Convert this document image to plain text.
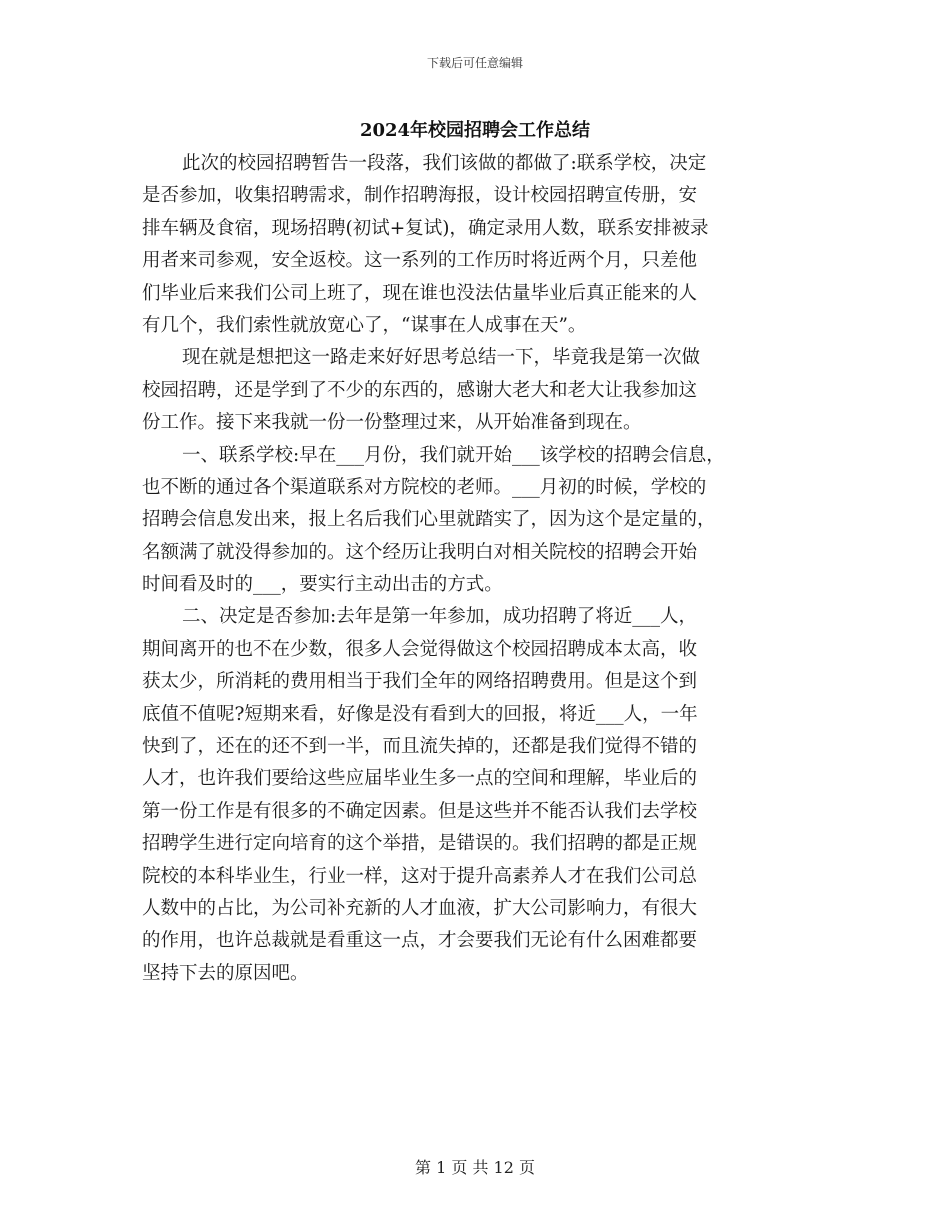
下载后可任意编辑
2024年校园招聘会工作总结
此次的校园招聘暂告一段落，我们该做的都做了:联系学校，决定
是否参加，收集招聘需求，制作招聘海报，设计校园招聘宣传册，安
排车辆及食宿，现场招聘(初试+复试)，确定录用人数，联系安排被录
用者来司参观，安全返校。这一系列的工作历时将近两个月，只差他
们毕业后来我们公司上班了，现在谁也没法估量毕业后真正能来的人
有几个，我们索性就放宽心了，“谋事在人成事在天”。
现在就是想把这一路走来好好思考总结一下，毕竟我是第一次做
校园招聘，还是学到了不少的东西的，感谢大老大和老大让我参加这
份工作。接下来我就一份一份整理过来，从开始准备到现在。
一、联系学校:早在___月份，我们就开始___该学校的招聘会信息，
也不断的通过各个渠道联系对方院校的老师。___月初的时候，学校的
招聘会信息发出来，报上名后我们心里就踏实了，因为这个是定量的，
名额满了就没得参加的。这个经历让我明白对相关院校的招聘会开始
时间看及时的___，要实行主动出击的方式。
二、决定是否参加:去年是第一年参加，成功招聘了将近___人，
期间离开的也不在少数，很多人会觉得做这个校园招聘成本太高，收
获太少，所消耗的费用相当于我们全年的网络招聘费用。但是这个到
底值不值呢?短期来看，好像是没有看到大的回报，将近___人，一年
快到了，还在的还不到一半，而且流失掉的，还都是我们觉得不错的
人才，也许我们要给这些应届毕业生多一点的空间和理解，毕业后的
第一份工作是有很多的不确定因素。但是这些并不能否认我们去学校
招聘学生进行定向培育的这个举措，是错误的。我们招聘的都是正规
院校的本科毕业生，行业一样，这对于提升高素养人才在我们公司总
人数中的占比，为公司补充新的人才血液，扩大公司影响力，有很大
的作用，也许总裁就是看重这一点，才会要我们无论有什么困难都要
坚持下去的原因吧。
第 1 页 共 12 页
